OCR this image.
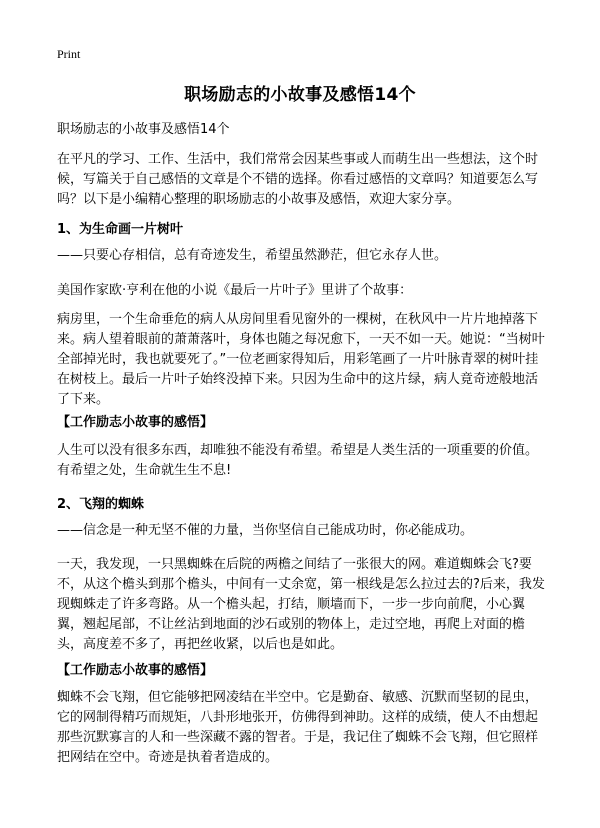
Print
职场励志的小故事及感悟14个
职场励志的小故事及感悟14个

在平凡的学习、工作、生活中，我们常常会因某些事或人而萌生出一些想法，这个时候，写篇关于自己感悟的文章是个不错的选择。你看过感悟的文章吗？知道要怎么写吗？以下是小编精心整理的职场励志的小故事及感悟，欢迎大家分享。

1、为生命画一片树叶

——只要心存相信，总有奇迹发生，希望虽然渺茫，但它永存人世。

美国作家欧·亨利在他的小说《最后一片叶子》里讲了个故事：

病房里，一个生命垂危的病人从房间里看见窗外的一棵树，在秋风中一片片地掉落下来。病人望着眼前的萧萧落叶，身体也随之每况愈下，一天不如一天。她说：“当树叶全部掉光时，我也就要死了。”一位老画家得知后，用彩笔画了一片叶脉青翠的树叶挂在树枝上。最后一片叶子始终没掉下来。只因为生命中的这片绿，病人竟奇迹般地活了下来。

【工作励志小故事的感悟】

人生可以没有很多东西，却唯独不能没有希望。希望是人类生活的一项重要的价值。有希望之处，生命就生生不息!

2、飞翔的蜘蛛

——信念是一种无坚不催的力量，当你坚信自己能成功时，你必能成功。

一天，我发现，一只黑蜘蛛在后院的两檐之间结了一张很大的网。难道蜘蛛会飞?要不，从这个檐头到那个檐头，中间有一丈余宽，第一根线是怎么拉过去的?后来，我发现蜘蛛走了许多弯路。从一个檐头起，打结，顺墙而下，一步一步向前爬，小心翼翼，翘起尾部，不让丝沾到地面的沙石或别的物体上，走过空地，再爬上对面的檐头，高度差不多了，再把丝收紧，以后也是如此。

【工作励志小故事的感悟】

蜘蛛不会飞翔，但它能够把网凌结在半空中。它是勤奋、敏感、沉默而坚韧的昆虫，它的网制得精巧而规矩，八卦形地张开，仿佛得到神助。这样的成绩，使人不由想起那些沉默寡言的人和一些深藏不露的智者。于是，我记住了蜘蛛不会飞翔，但它照样把网结在空中。奇迹是执着者造成的。
